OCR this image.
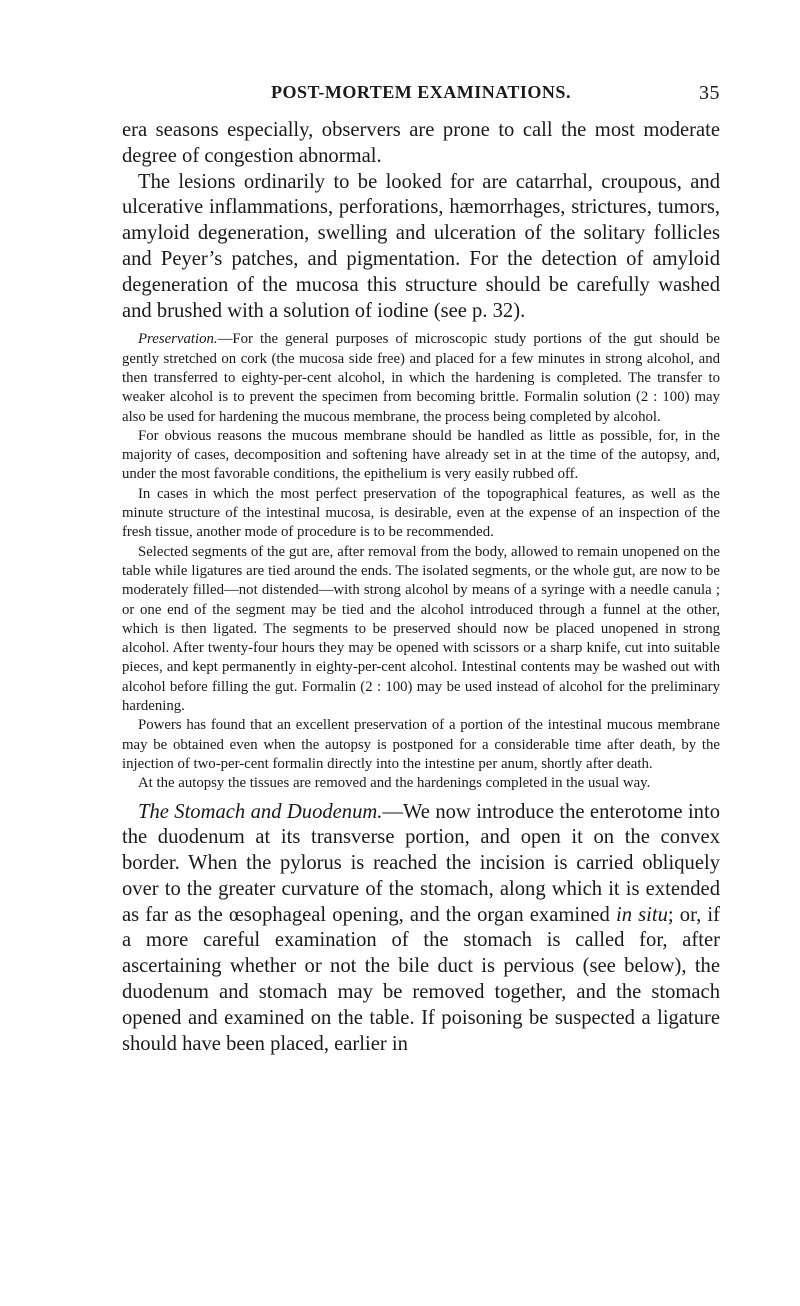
POST-MORTEM EXAMINATIONS.	35

era seasons especially, observers are prone to call the most moderate degree of congestion abnormal.

The lesions ordinarily to be looked for are catarrhal, croupous, and ulcerative inflammations, perforations, hæmorrhages, strictures, tumors, amyloid degeneration, swelling and ulceration of the solitary follicles and Peyer’s patches, and pigmentation. For the detection of amyloid degeneration of the mucosa this structure should be carefully washed and brushed with a solution of iodine (see p. 32).

Preservation.—For the general purposes of microscopic study portions of the gut should be gently stretched on cork (the mucosa side free) and placed for a few minutes in strong alcohol, and then transferred to eighty-per-cent alcohol, in which the hardening is completed. The transfer to weaker alcohol is to prevent the specimen from becoming brittle. Formalin solution (2 : 100) may also be used for hardening the mucous membrane, the process being completed by alcohol.

For obvious reasons the mucous membrane should be handled as little as possible, for, in the majority of cases, decomposition and softening have already set in at the time of the autopsy, and, under the most favorable conditions, the epithelium is very easily rubbed off.

In cases in which the most perfect preservation of the topographical features, as well as the minute structure of the intestinal mucosa, is desirable, even at the expense of an inspection of the fresh tissue, another mode of procedure is to be recommended.

Selected segments of the gut are, after removal from the body, allowed to remain unopened on the table while ligatures are tied around the ends. The isolated segments, or the whole gut, are now to be moderately filled—not distended—with strong alcohol by means of a syringe with a needle canula ; or one end of the segment may be tied and the alcohol introduced through a funnel at the other, which is then ligated. The segments to be preserved should now be placed unopened in strong alcohol. After twenty-four hours they may be opened with scissors or a sharp knife, cut into suitable pieces, and kept permanently in eighty-per-cent alcohol. Intestinal contents may be washed out with alcohol before filling the gut. Formalin (2 : 100) may be used instead of alcohol for the preliminary hardening.

Powers has found that an excellent preservation of a portion of the intestinal mucous membrane may be obtained even when the autopsy is postponed for a considerable time after death, by the injection of two-per-cent formalin directly into the intestine per anum, shortly after death.

At the autopsy the tissues are removed and the hardenings completed in the usual way.

The Stomach and Duodenum.—We now introduce the enterotome into the duodenum at its transverse portion, and open it on the convex border. When the pylorus is reached the incision is carried obliquely over to the greater curvature of the stomach, along which it is extended as far as the œsophageal opening, and the organ examined in situ; or, if a more careful examination of the stomach is called for, after ascertaining whether or not the bile duct is pervious (see below), the duodenum and stomach may be removed together, and the stomach opened and examined on the table. If poisoning be suspected a ligature should have been placed, earlier in
